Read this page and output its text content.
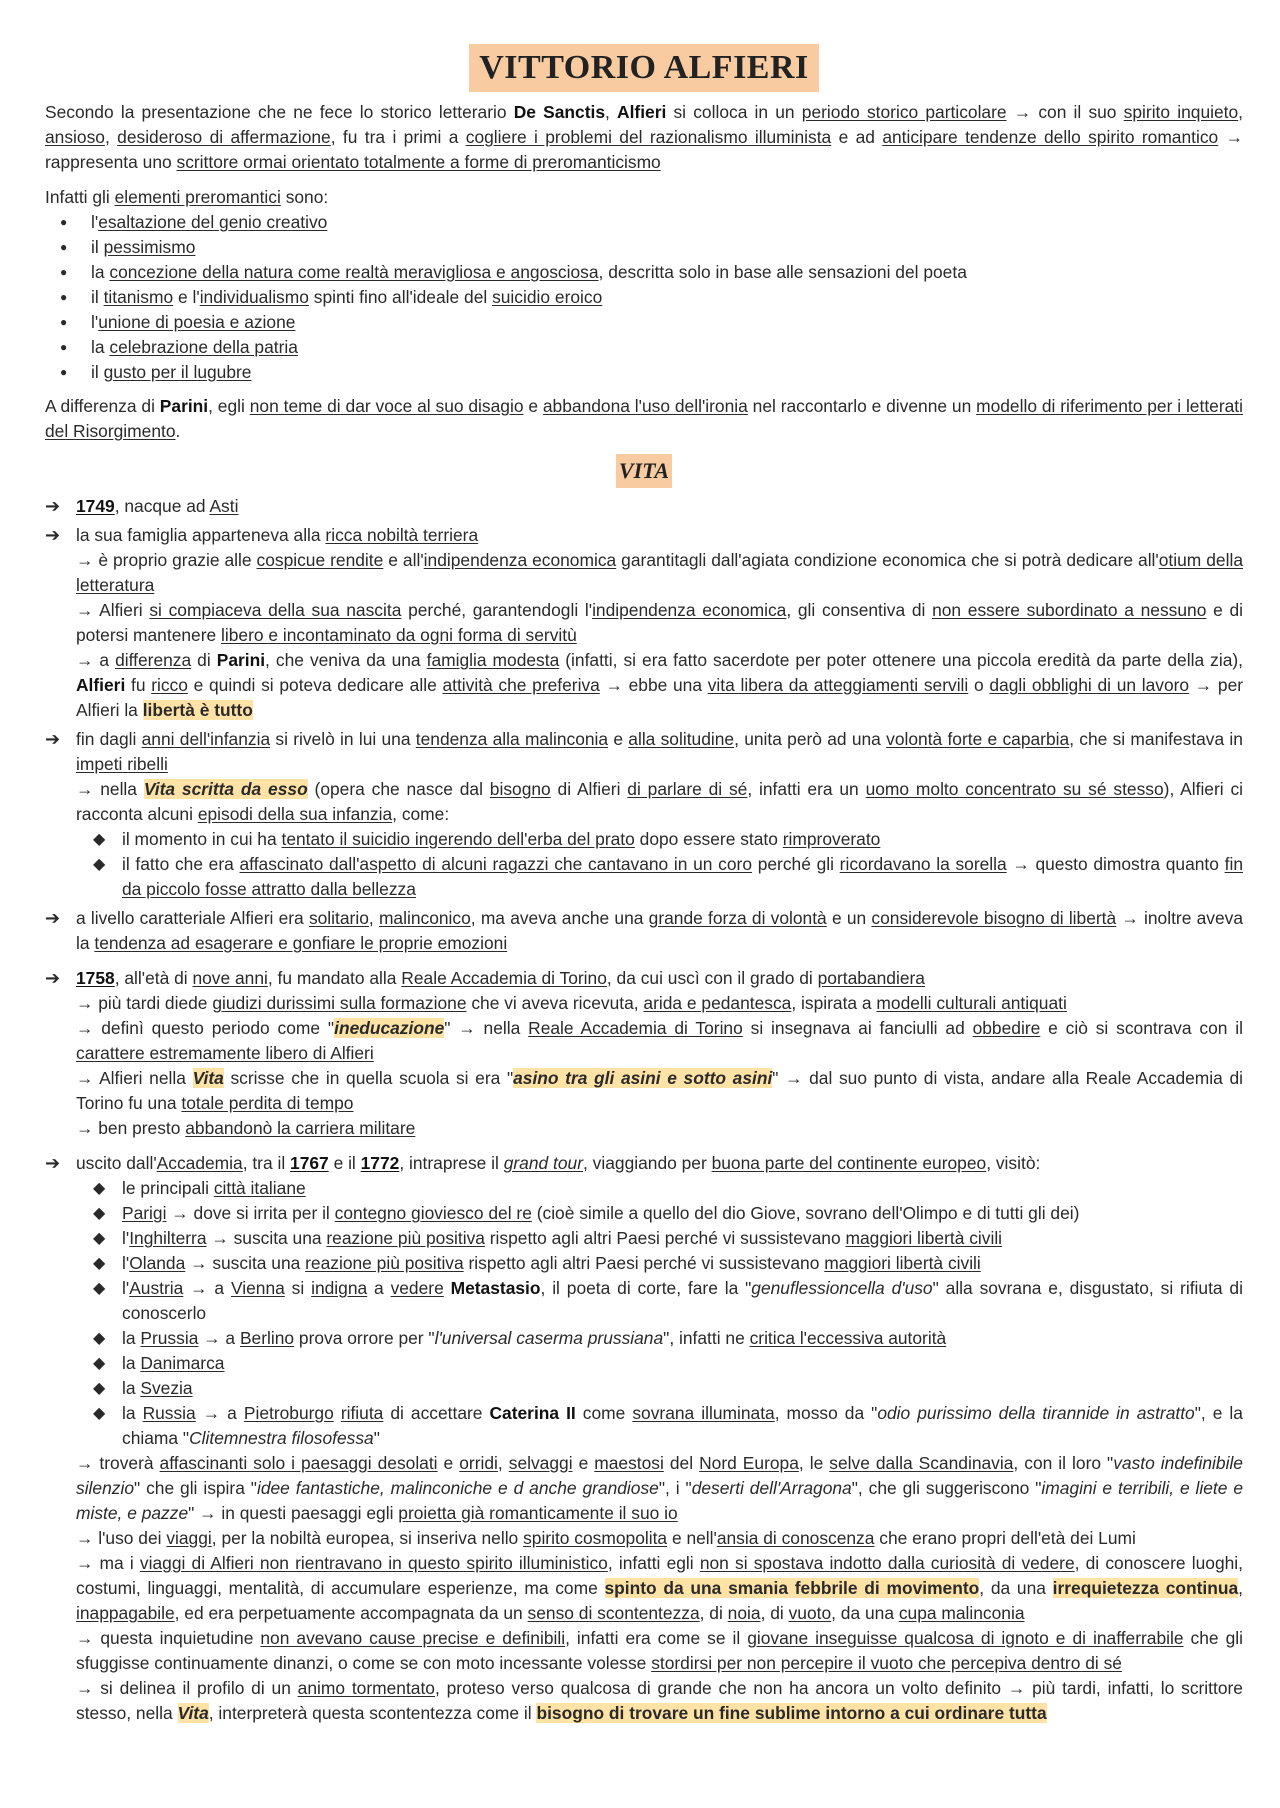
VITTORIO ALFIERI

Secondo la presentazione che ne fece lo storico letterario De Sanctis, Alfieri si colloca in un periodo storico particolare → con il suo spirito inquieto, ansioso, desideroso di affermazione, fu tra i primi a cogliere i problemi del razionalismo illuminista e ad anticipare tendenze dello spirito romantico → rappresenta uno scrittore ormai orientato totalmente a forme di preromanticismo

Infatti gli elementi preromantici sono:

● l'esaltazione del genio creativo
● il pessimismo
● la concezione della natura come realtà meravigliosa e angosciosa, descritta solo in base alle sensazioni del poeta
● il titanismo e l'individualismo spinti fino all'ideale del suicidio eroico
● l'unione di poesia e azione
● la celebrazione della patria
● il gusto per il lugubre

A differenza di Parini, egli non teme di dar voce al suo disagio e abbandona l'uso dell'ironia nel raccontarlo e divenne un modello di riferimento per i letterati del Risorgimento.

VITA
➔ 1749, nacque ad Asti
➔ la sua famiglia apparteneva alla ricca nobiltà terriera
→ è proprio grazie alle cospicue rendite e all'indipendenza economica garantitagli dall'agiata condizione economica che si potrà dedicare all'otium della letteratura
→ Alfieri si compiaceva della sua nascita perché, garantendogli l'indipendenza economica, gli consentiva di non essere subordinato a nessuno e di potersi mantenere libero e incontaminato da ogni forma di servitù
→ a differenza di Parini, che veniva da una famiglia modesta (infatti, si era fatto sacerdote per poter ottenere una piccola eredità da parte della zia), Alfieri fu ricco e quindi si poteva dedicare alle attività che preferiva → ebbe una vita libera da atteggiamenti servili o dagli obblighi di un lavoro → per Alfieri la libertà è tutto
➔ fin dagli anni dell'infanzia si rivelò in lui una tendenza alla malinconia e alla solitudine, unita però ad una volontà forte e caparbia, che si manifestava in impeti ribelli
→ nella Vita scritta da esso (opera che nasce dal bisogno di Alfieri di parlare di sé, infatti era un uomo molto concentrato su sé stesso), Alfieri ci racconta alcuni episodi della sua infanzia, come:
◆ il momento in cui ha tentato il suicidio ingerendo dell'erba del prato dopo essere stato rimproverato
◆ il fatto che era affascinato dall'aspetto di alcuni ragazzi che cantavano in un coro perché gli ricordavano la sorella → questo dimostra quanto fin da piccolo fosse attratto dalla bellezza
➔ a livello caratteriale Alfieri era solitario, malinconico, ma aveva anche una grande forza di volontà e un considerevole bisogno di libertà → inoltre aveva la tendenza ad esagerare e gonfiare le proprie emozioni
➔ 1758, all'età di nove anni, fu mandato alla Reale Accademia di Torino, da cui uscì con il grado di portabandiera
→ più tardi diede giudizi durissimi sulla formazione che vi aveva ricevuta, arida e pedantesca, ispirata a modelli culturali antiquati
→ definì questo periodo come "ineducazione" → nella Reale Accademia di Torino si insegnava ai fanciulli ad obbedire e ciò si scontrava con il carattere estremamente libero di Alfieri
→ Alfieri nella Vita scrisse che in quella scuola si era "asino tra gli asini e sotto asini" → dal suo punto di vista, andare alla Reale Accademia di Torino fu una totale perdita di tempo
→ ben presto abbandonò la carriera militare
➔ uscito dall'Accademia, tra il 1767 e il 1772, intraprese il grand tour, viaggiando per buona parte del continente europeo, visitò:
◆ le principali città italiane
◆ Parigi → dove si irrita per il contegno gioviesco del re (cioè simile a quello del dio Giove, sovrano dell'Olimpo e di tutti gli dei)
◆ l'Inghilterra → suscita una reazione più positiva rispetto agli altri Paesi perché vi sussistevano maggiori libertà civili
◆ l'Olanda → suscita una reazione più positiva rispetto agli altri Paesi perché vi sussistevano maggiori libertà civili
◆ l'Austria → a Vienna si indigna a vedere Metastasio, il poeta di corte, fare la "genuflessioncella d'uso" alla sovrana e, disgustato, si rifiuta di conoscerlo
◆ la Prussia → a Berlino prova orrore per "l'universal caserma prussiana", infatti ne critica l'eccessiva autorità
◆ la Danimarca
◆ la Svezia
◆ la Russia → a Pietroburgo rifiuta di accettare Caterina II come sovrana illuminata, mosso da "odio purissimo della tirannide in astratto", e la chiama "Clitemnestra filosofessa"
→ troverà affascinanti solo i paesaggi desolati e orridi, selvaggi e maestosi del Nord Europa, le selve dalla Scandinavia, con il loro "vasto indefinibile silenzio" che gli ispira "idee fantastiche, malinconiche e d anche grandiose", i "deserti dell'Arragona", che gli suggeriscono "imagini e terribili, e liete e miste, e pazze" → in questi paesaggi egli proietta già romanticamente il suo io
→ l'uso dei viaggi, per la nobiltà europea, si inseriva nello spirito cosmopolita e nell'ansia di conoscenza che erano propri dell'età dei Lumi
→ ma i viaggi di Alfieri non rientravano in questo spirito illuministico, infatti egli non si spostava indotto dalla curiosità di vedere, di conoscere luoghi, costumi, linguaggi, mentalità, di accumulare esperienze, ma come spinto da una smania febbrile di movimento, da una irrequietezza continua, inappagabile, ed era perpetuamente accompagnata da un senso di scontentezza, di noia, di vuoto, da una cupa malinconia
→ questa inquietudine non avevano cause precise e definibili, infatti era come se il giovane inseguisse qualcosa di ignoto e di inafferrabile che gli sfuggisse continuamente dinanzi, o come se con moto incessante volesse stordirsi per non percepire il vuoto che percepiva dentro di sé
→ si delinea il profilo di un animo tormentato, proteso verso qualcosa di grande che non ha ancora un volto definito → più tardi, infatti, lo scrittore stesso, nella Vita, interpreterà questa scontentezza come il bisogno di trovare un fine sublime intorno a cui ordinare tutta
